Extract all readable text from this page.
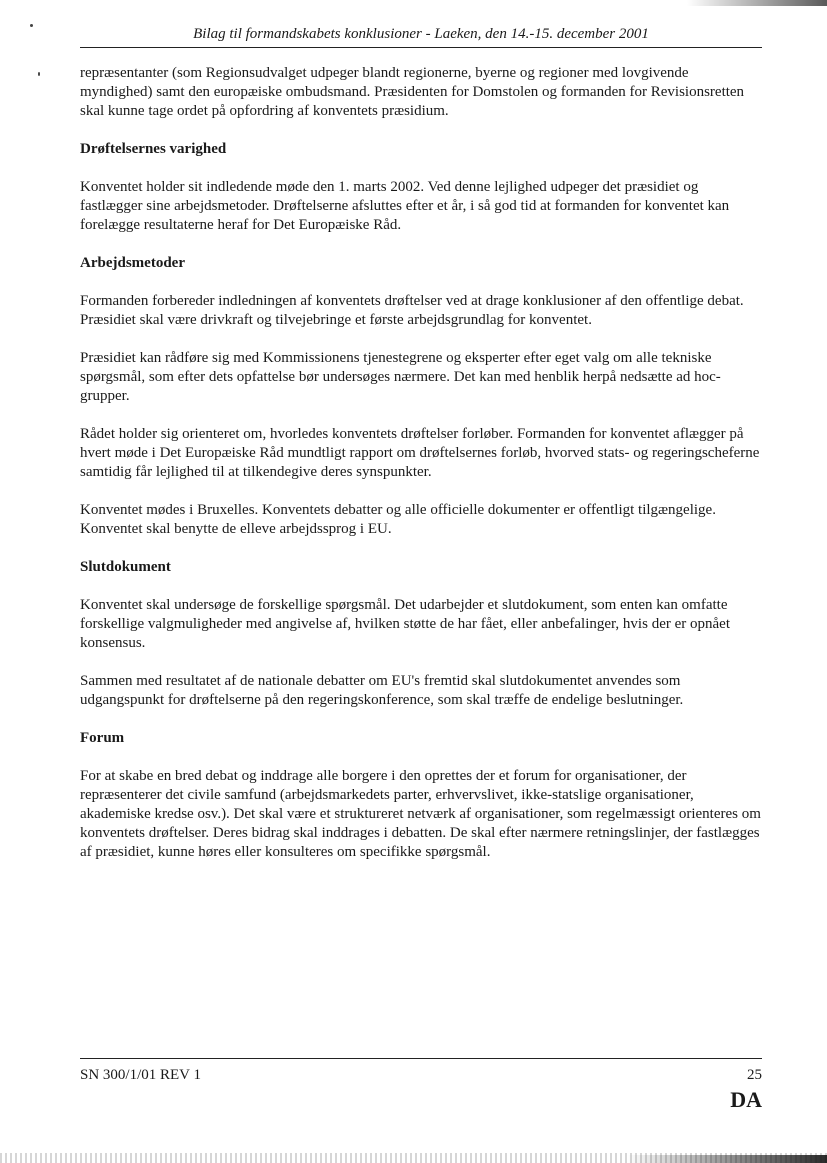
Bilag til formandskabets konklusioner - Laeken, den 14.-15. december 2001

repræsentanter (som Regionsudvalget udpeger blandt regionerne, byerne og regioner med lovgivende myndighed) samt den europæiske ombudsmand. Præsidenten for Domstolen og formanden for Revisionsretten skal kunne tage ordet på opfordring af konventets præsidium.

Drøftelsernes varighed

Konventet holder sit indledende møde den 1. marts 2002. Ved denne lejlighed udpeger det præsidiet og fastlægger sine arbejdsmetoder. Drøftelserne afsluttes efter et år, i så god tid at formanden for konventet kan forelægge resultaterne heraf for Det Europæiske Råd.

Arbejdsmetoder

Formanden forbereder indledningen af konventets drøftelser ved at drage konklusioner af den offentlige debat. Præsidiet skal være drivkraft og tilvejebringe et første arbejdsgrundlag for konventet.

Præsidiet kan rådføre sig med Kommissionens tjenestegrene og eksperter efter eget valg om alle tekniske spørgsmål, som efter dets opfattelse bør undersøges nærmere. Det kan med henblik herpå nedsætte ad hoc-grupper.

Rådet holder sig orienteret om, hvorledes konventets drøftelser forløber. Formanden for konventet aflægger på hvert møde i Det Europæiske Råd mundtligt rapport om drøftelsernes forløb, hvorved stats- og regeringscheferne samtidig får lejlighed til at tilkendegive deres synspunkter.

Konventet mødes i Bruxelles. Konventets debatter og alle officielle dokumenter er offentligt tilgængelige. Konventet skal benytte de elleve arbejdssprog i EU.

Slutdokument

Konventet skal undersøge de forskellige spørgsmål. Det udarbejder et slutdokument, som enten kan omfatte forskellige valgmuligheder med angivelse af, hvilken støtte de har fået, eller anbefalinger, hvis der er opnået konsensus.

Sammen med resultatet af de nationale debatter om EU's fremtid skal slutdokumentet anvendes som udgangspunkt for drøftelserne på den regeringskonference, som skal træffe de endelige beslutninger.

Forum

For at skabe en bred debat og inddrage alle borgere i den oprettes der et forum for organisationer, der repræsenterer det civile samfund (arbejdsmarkedets parter, erhvervslivet, ikke-statslige organisationer, akademiske kredse osv.). Det skal være et struktureret netværk af organisationer, som regelmæssigt orienteres om konventets drøftelser. Deres bidrag skal inddrages i debatten. De skal efter nærmere retningslinjer, der fastlægges af præsidiet, kunne høres eller konsulteres om specifikke spørgsmål.

SN 300/1/01 REV 1	25
DA
